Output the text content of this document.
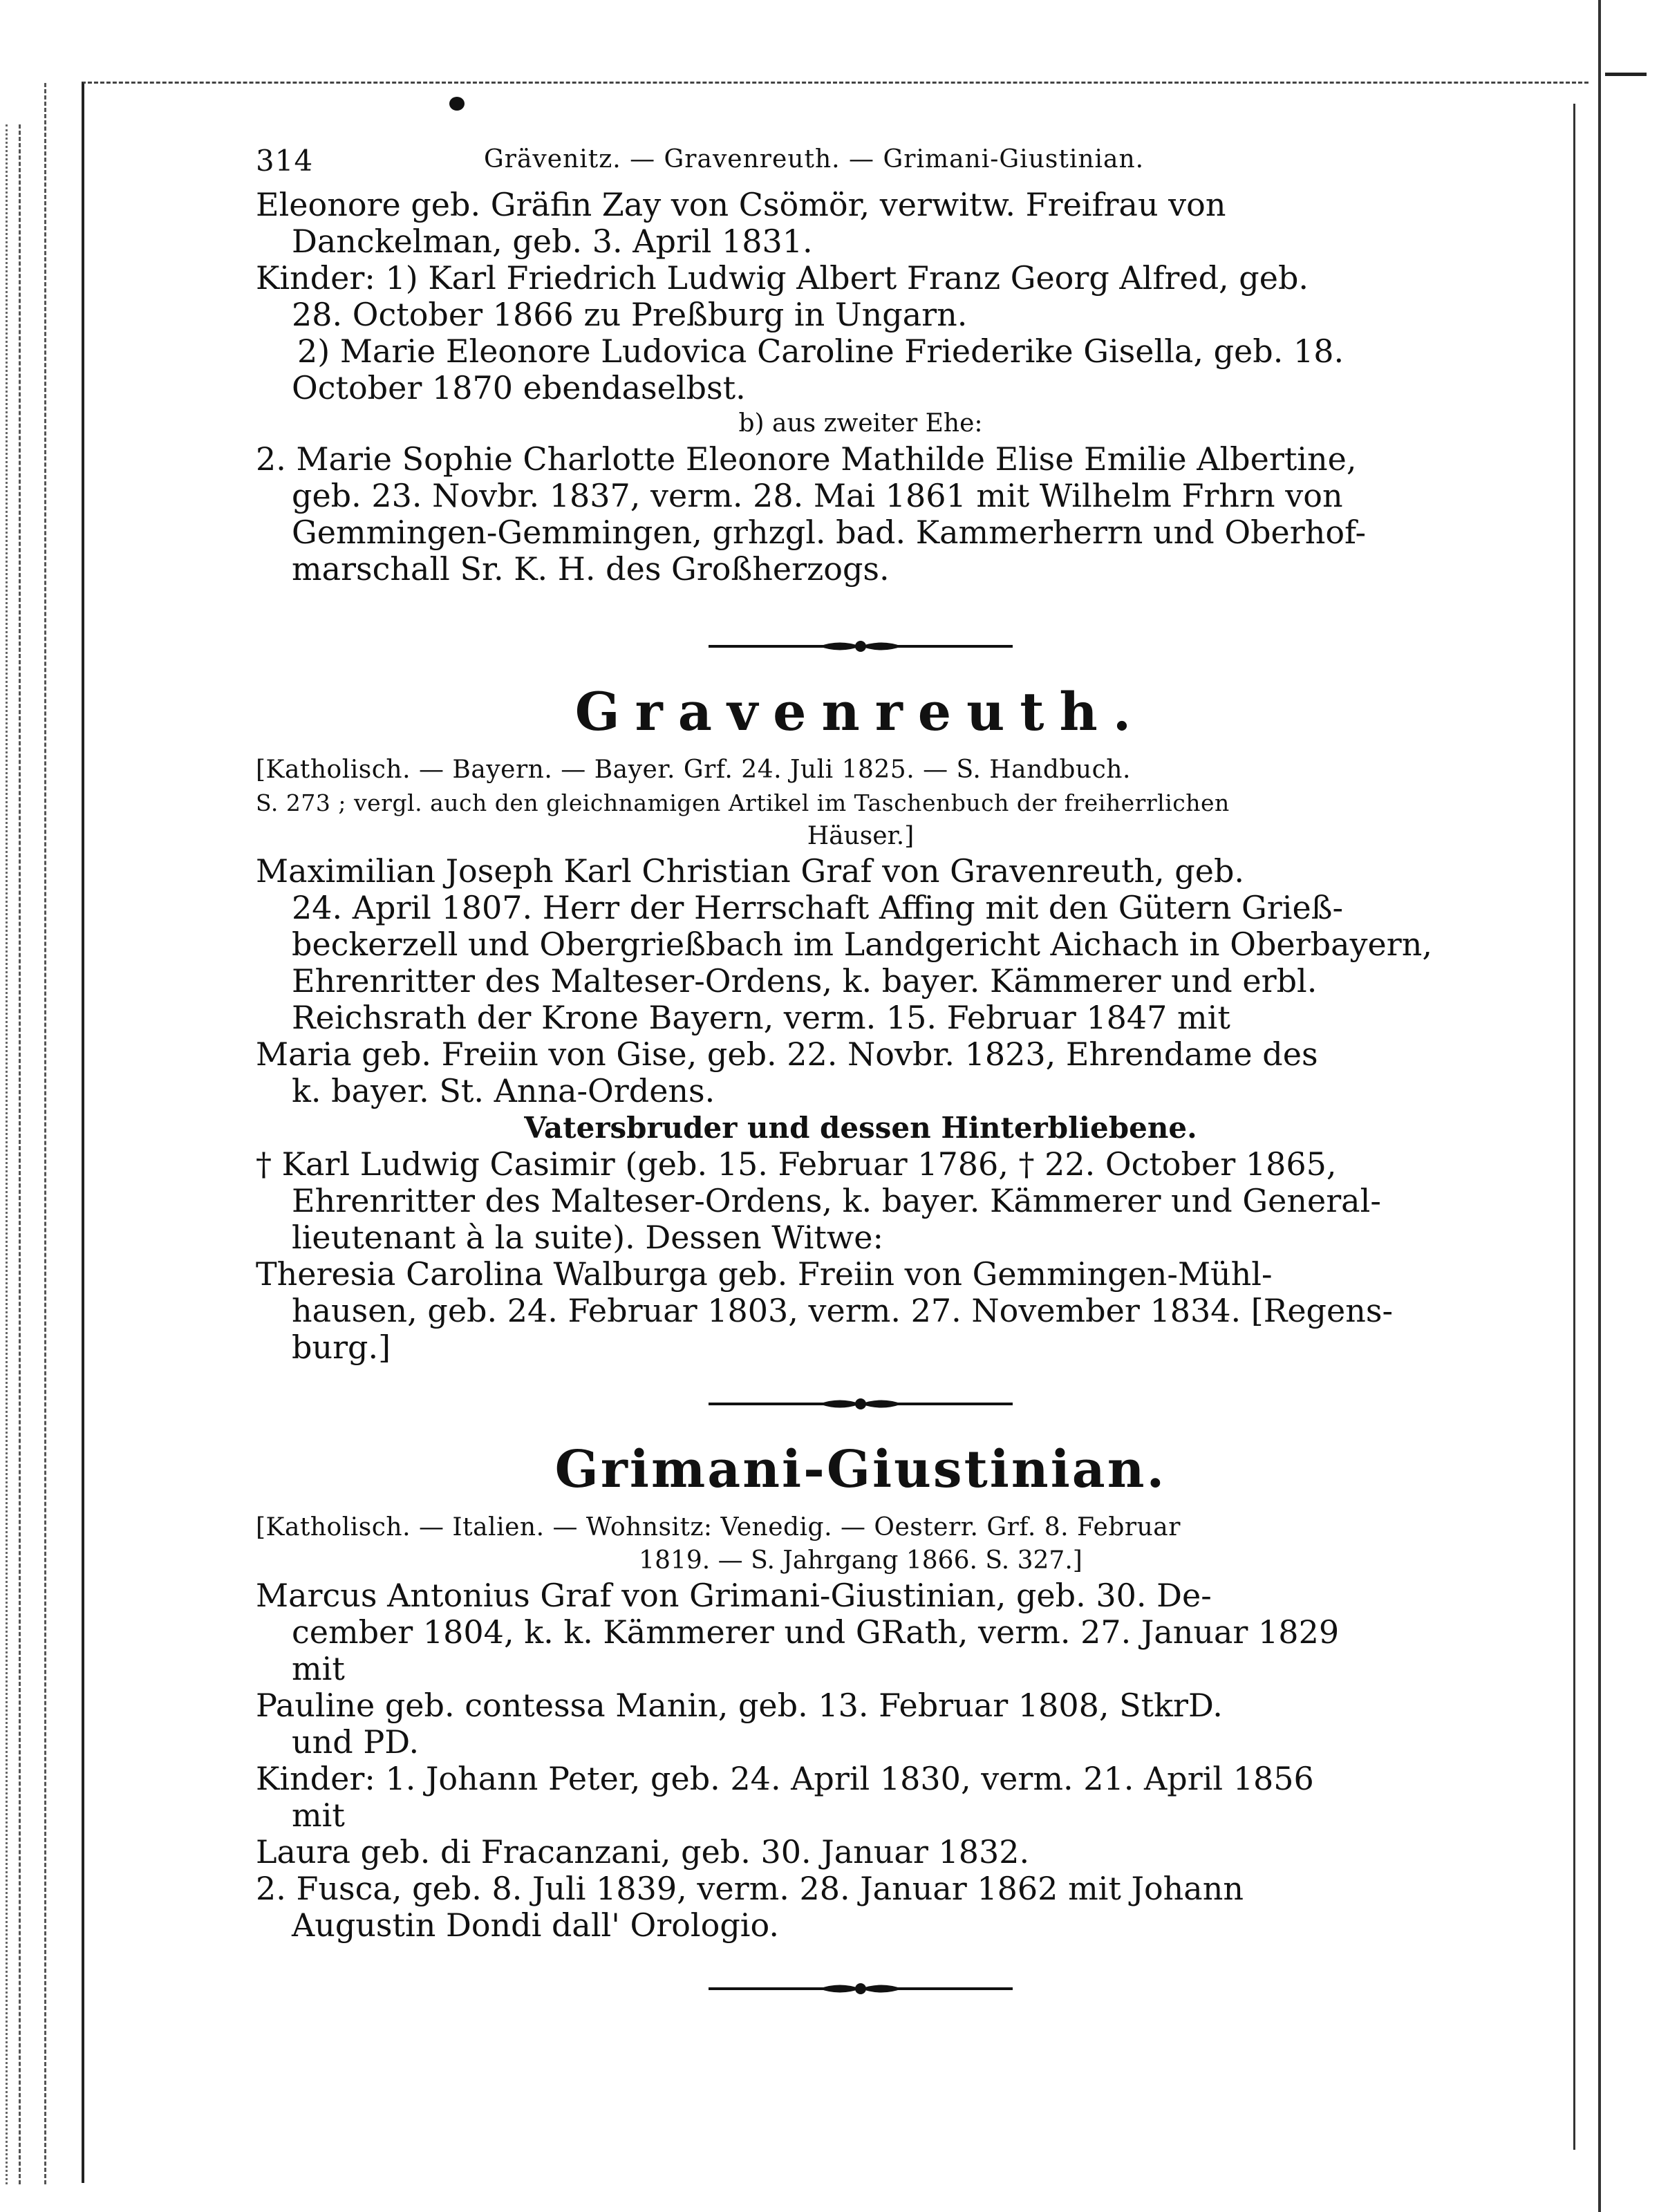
314	Grävenitz. — Gravenreuth. — Grimani-Giustinian.
Eleonore geb. Gräfin Zay von Csömör, verwitw. Freifrau von
Danckelman, geb. 3. April 1831.
Kinder: 1) Karl Friedrich Ludwig Albert Franz Georg Alfred, geb.
28. October 1866 zu Preßburg in Ungarn.
2) Marie Eleonore Ludovica Caroline Friederike Gisella, geb. 18.
October 1870 ebendaselbst.
b) aus zweiter Ehe:
2. Marie Sophie Charlotte Eleonore Mathilde Elise Emilie Albertine,
geb. 23. Novbr. 1837, verm. 28. Mai 1861 mit Wilhelm Frhrn von
Gemmingen-Gemmingen, grhzgl. bad. Kammerherrn und Oberhof-
marschall Sr. K. H. des Großherzogs.
Gravenreuth.
[Katholisch. — Bayern. — Bayer. Grf. 24. Juli 1825. — S. Handbuch.
S. 273 ; vergl. auch den gleichnamigen Artikel im Taschenbuch der freiherrlichen
Häuser.]
Maximilian Joseph Karl Christian Graf von Gravenreuth, geb.
24. April 1807. Herr der Herrschaft Affing mit den Gütern Grieß-
beckerzell und Obergrießbach im Landgericht Aichach in Oberbayern,
Ehrenritter des Malteser-Ordens, k. bayer. Kämmerer und erbl.
Reichsrath der Krone Bayern, verm. 15. Februar 1847 mit
Maria geb. Freiin von Gise, geb. 22. Novbr. 1823, Ehrendame des
k. bayer. St. Anna-Ordens.
Vatersbruder und dessen Hinterbliebene.
† Karl Ludwig Casimir (geb. 15. Februar 1786, † 22. October 1865,
Ehrenritter des Malteser-Ordens, k. bayer. Kämmerer und General-
lieutenant à la suite). Dessen Witwe:
Theresia Carolina Walburga geb. Freiin von Gemmingen-Mühl-
hausen, geb. 24. Februar 1803, verm. 27. November 1834. [Regens-
burg.]
Grimani-Giustinian.
[Katholisch. — Italien. — Wohnsitz: Venedig. — Oesterr. Grf. 8. Februar
1819. — S. Jahrgang 1866. S. 327.]
Marcus Antonius Graf von Grimani-Giustinian, geb. 30. De-
cember 1804, k. k. Kämmerer und GRath, verm. 27. Januar 1829
mit
Pauline geb. contessa Manin, geb. 13. Februar 1808, StkrD.
und PD.
Kinder: 1. Johann Peter, geb. 24. April 1830, verm. 21. April 1856
mit
Laura geb. di Fracanzani, geb. 30. Januar 1832.
2. Fusca, geb. 8. Juli 1839, verm. 28. Januar 1862 mit Johann
Augustin Dondi dall' Orologio.
